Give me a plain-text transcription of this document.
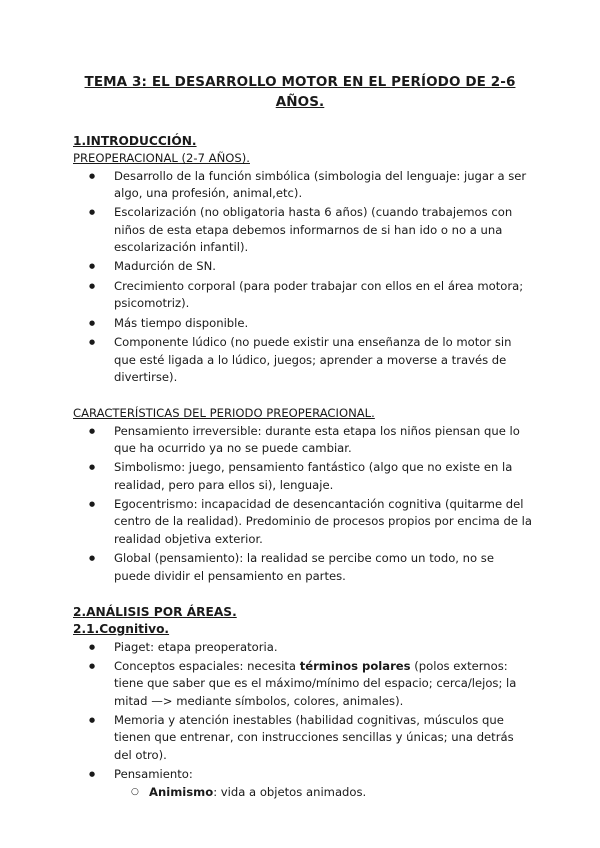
TEMA 3: EL DESARROLLO MOTOR EN EL PERÍODO DE 2-6 AÑOS.
1.INTRODUCCIÓN.
PREOPERACIONAL (2-7 AÑOS).
● Desarrollo de la función simbólica (simbologia del lenguaje: jugar a ser algo, una profesión, animal,etc).
● Escolarización (no obligatoria hasta 6 años) (cuando trabajemos con niños de esta etapa debemos informarnos de si han ido o no a una escolarización infantil).
● Madurción de SN.
● Crecimiento corporal (para poder trabajar con ellos en el área motora; psicomotriz).
● Más tiempo disponible.
● Componente lúdico (no puede existir una enseñanza de lo motor sin que esté ligada a lo lúdico, juegos; aprender a moverse a través de divertirse).
CARACTERÍSTICAS DEL PERIODO PREOPERACIONAL.
● Pensamiento irreversible: durante esta etapa los niños piensan que lo que ha ocurrido ya no se puede cambiar.
● Simbolismo: juego, pensamiento fantástico (algo que no existe en la realidad, pero para ellos si), lenguaje.
● Egocentrismo: incapacidad de desencantación cognitiva (quitarme del centro de la realidad). Predominio de procesos propios por encima de la realidad objetiva exterior.
● Global (pensamiento): la realidad se percibe como un todo, no se puede dividir el pensamiento en partes.
2.ANÁLISIS POR ÁREAS.
2.1.Cognitivo.
● Piaget: etapa preoperatoria.
● Conceptos espaciales: necesita términos polares (polos externos: tiene que saber que es el máximo/mínimo del espacio; cerca/lejos; la mitad —> mediante símbolos, colores, animales).
● Memoria y atención inestables (habilidad cognitivas, músculos que tienen que entrenar, con instrucciones sencillas y únicas; una detrás del otro).
● Pensamiento:
○ Animismo: vida a objetos animados.
